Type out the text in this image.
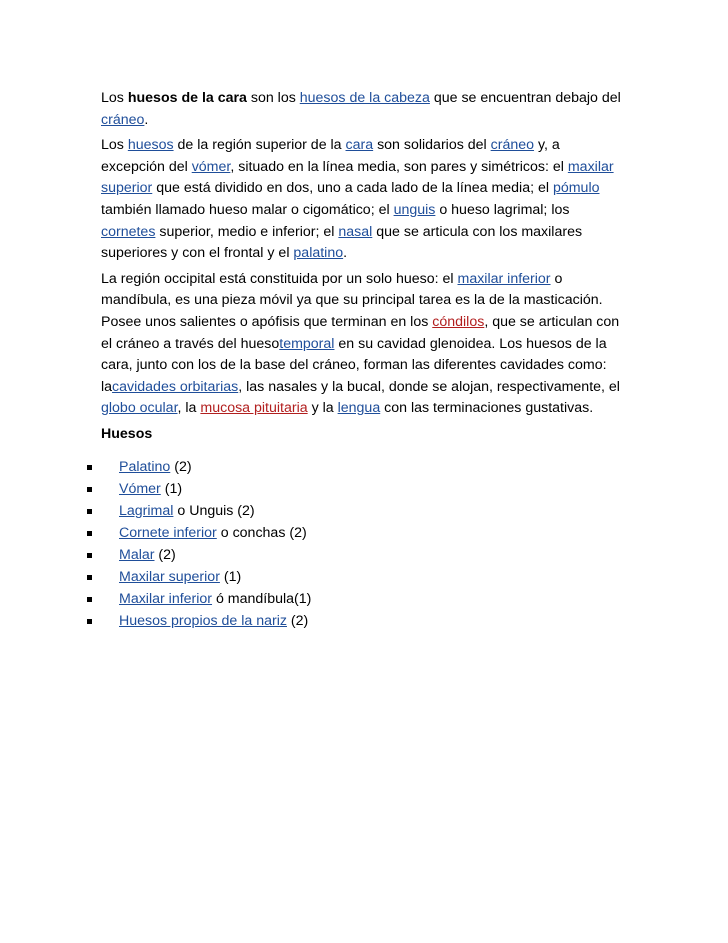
Los huesos de la cara son los huesos de la cabeza que se encuentran debajo del cráneo.

Los huesos de la región superior de la cara son solidarios del cráneo y, a excepción del vómer, situado en la línea media, son pares y simétricos: el maxilar superior que está dividido en dos, uno a cada lado de la línea media; el pómulo también llamado hueso malar o cigomático; el unguis o hueso lagrimal; los cornetes superior, medio e inferior; el nasal que se articula con los maxilares superiores y con el frontal y el palatino.

La región occipital está constituida por un solo hueso: el maxilar inferior o mandíbula, es una pieza móvil ya que su principal tarea es la de la masticación. Posee unos salientes o apófisis que terminan en los cóndilos, que se articulan con el cráneo a través del huesotemporal en su cavidad glenoidea. Los huesos de la cara, junto con los de la base del cráneo, forman las diferentes cavidades como: lacavidades orbitarias, las nasales y la bucal, donde se alojan, respectivamente, el globo ocular, la mucosa pituitaria y la lengua con las terminaciones gustativas.

Huesos
Palatino (2)
Vómer (1)
Lagrimal o Unguis (2)
Cornete inferior o conchas (2)
Malar (2)
Maxilar superior (1)
Maxilar inferior ó mandíbula(1)
Huesos propios de la nariz (2)
